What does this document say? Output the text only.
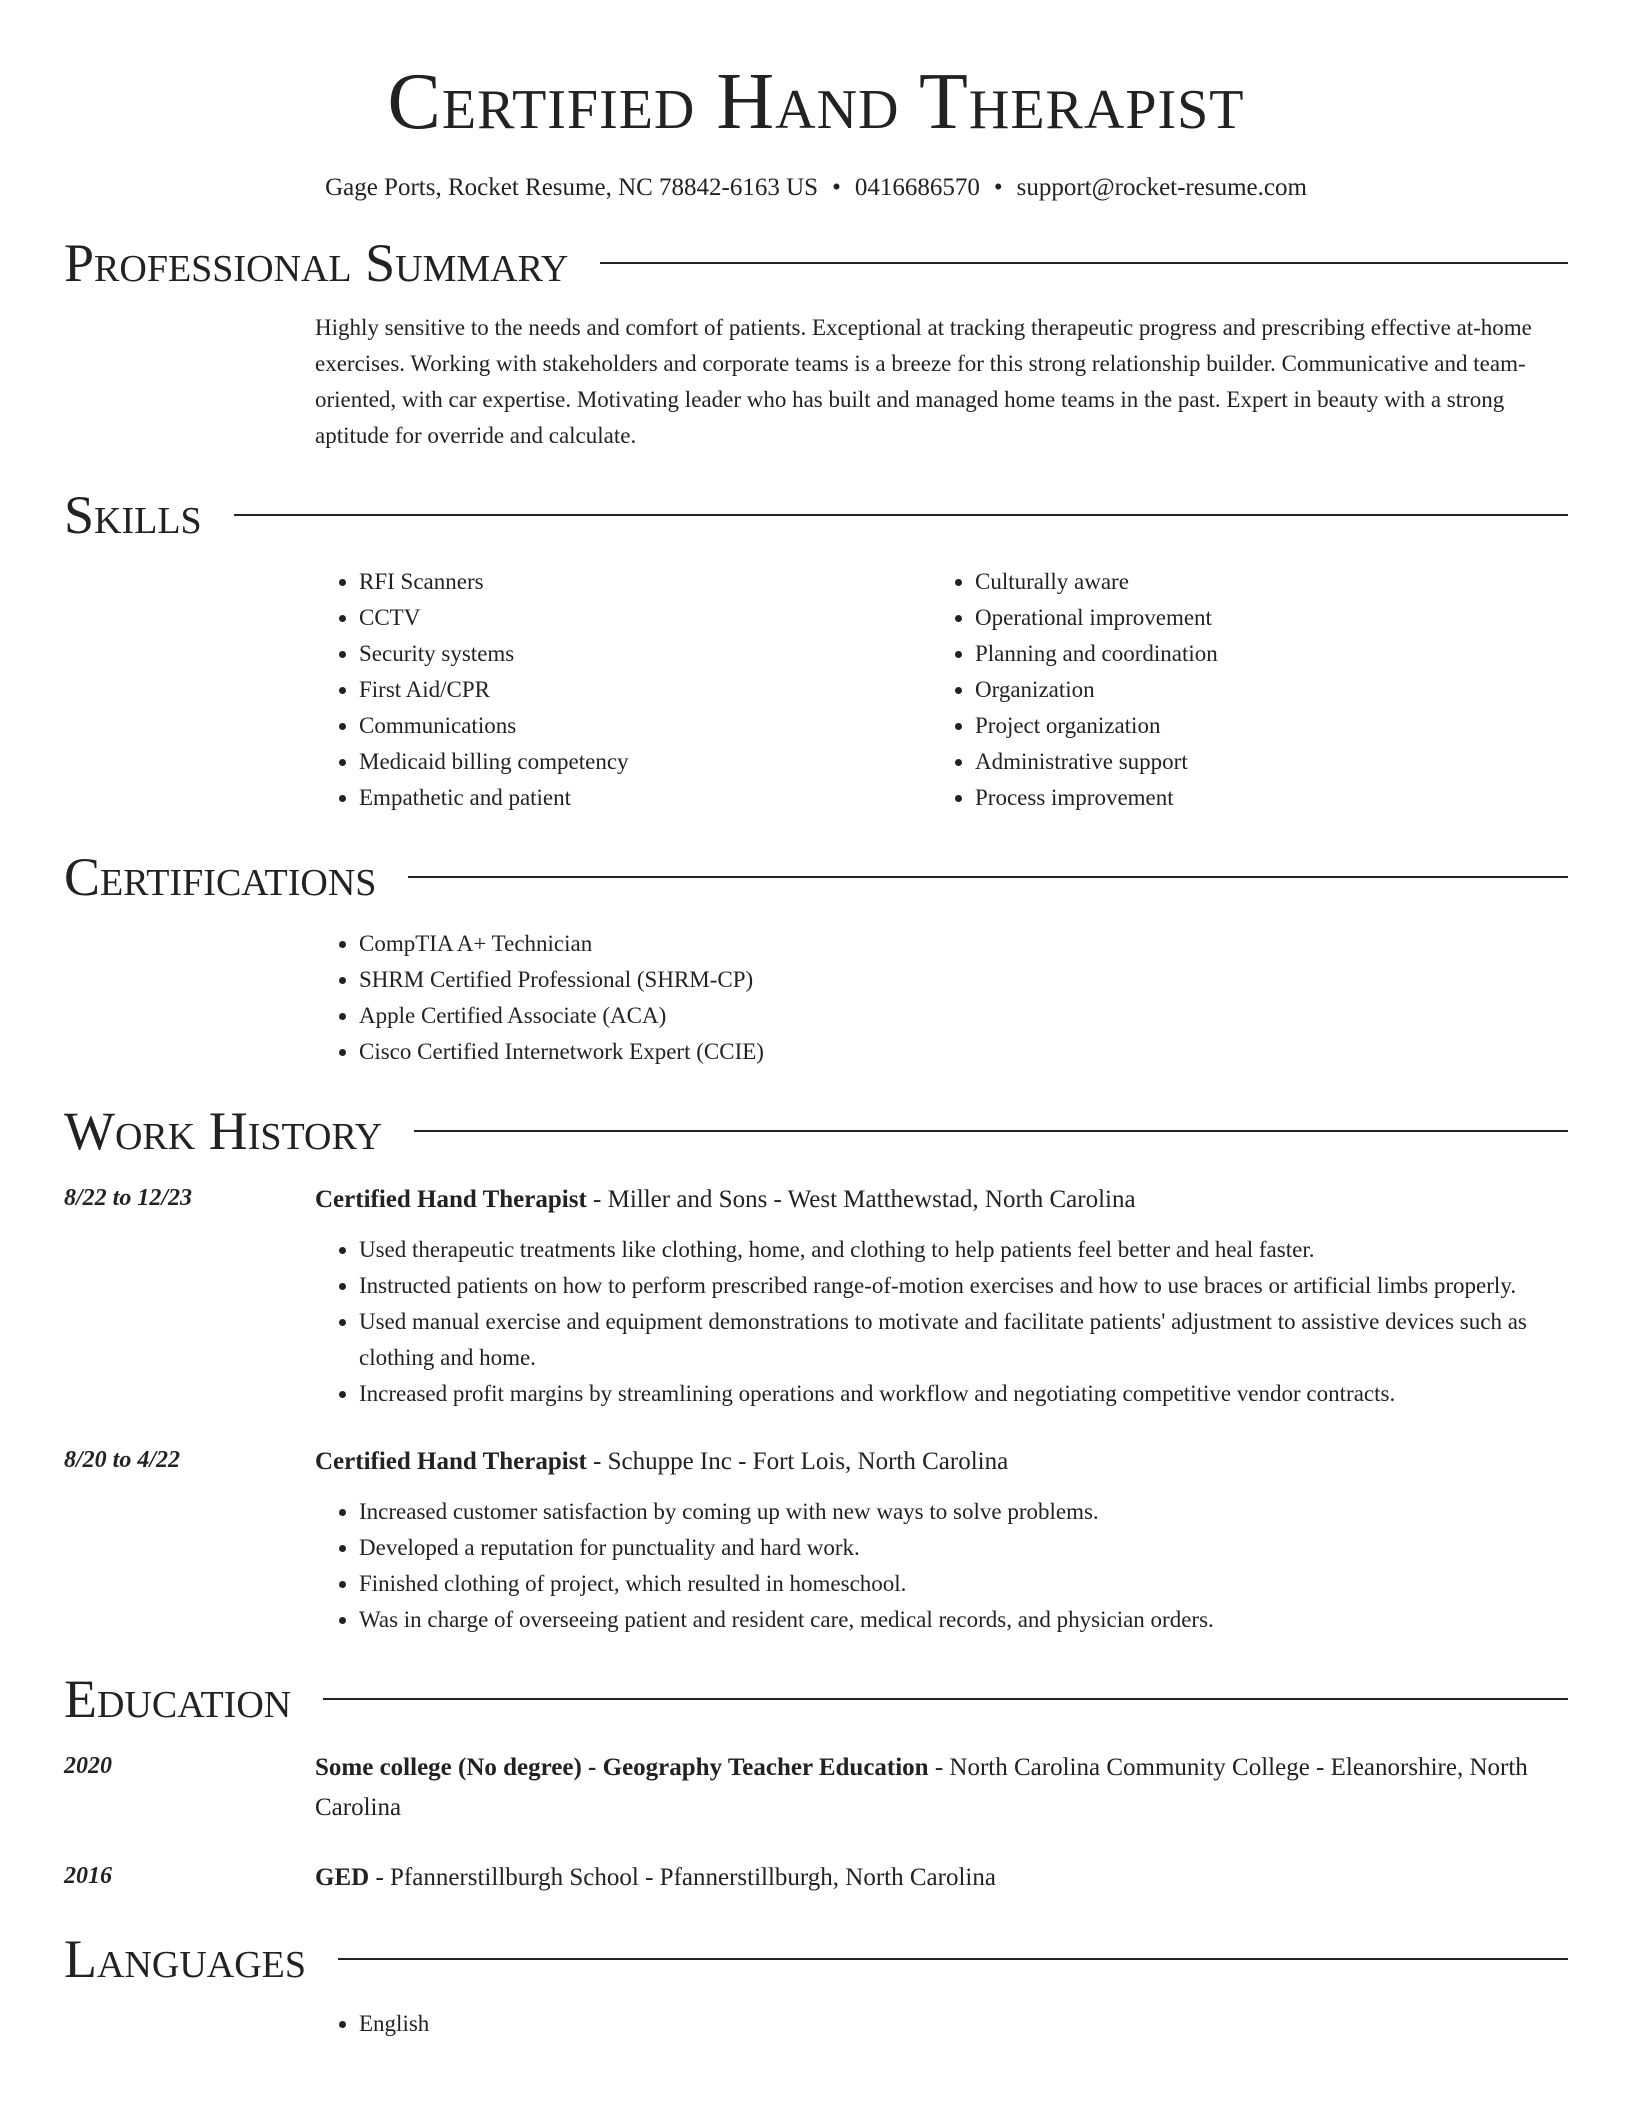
Certified Hand Therapist
Gage Ports, Rocket Resume, NC 78842-6163 US • 0416686570 • support@rocket-resume.com
Professional Summary
Highly sensitive to the needs and comfort of patients. Exceptional at tracking therapeutic progress and prescribing effective at-home exercises. Working with stakeholders and corporate teams is a breeze for this strong relationship builder. Communicative and team-oriented, with car expertise. Motivating leader who has built and managed home teams in the past. Expert in beauty with a strong aptitude for override and calculate.
Skills
• RFI Scanners
• CCTV
• Security systems
• First Aid/CPR
• Communications
• Medicaid billing competency
• Empathetic and patient
• Culturally aware
• Operational improvement
• Planning and coordination
• Organization
• Project organization
• Administrative support
• Process improvement
Certifications
• CompTIA A+ Technician
• SHRM Certified Professional (SHRM-CP)
• Apple Certified Associate (ACA)
• Cisco Certified Internetwork Expert (CCIE)
Work History
8/22 to 12/23	Certified Hand Therapist - Miller and Sons - West Matthewstad, North Carolina
• Used therapeutic treatments like clothing, home, and clothing to help patients feel better and heal faster.
• Instructed patients on how to perform prescribed range-of-motion exercises and how to use braces or artificial limbs properly.
• Used manual exercise and equipment demonstrations to motivate and facilitate patients' adjustment to assistive devices such as clothing and home.
• Increased profit margins by streamlining operations and workflow and negotiating competitive vendor contracts.
8/20 to 4/22	Certified Hand Therapist - Schuppe Inc - Fort Lois, North Carolina
• Increased customer satisfaction by coming up with new ways to solve problems.
• Developed a reputation for punctuality and hard work.
• Finished clothing of project, which resulted in homeschool.
• Was in charge of overseeing patient and resident care, medical records, and physician orders.
Education
2020	Some college (No degree) - Geography Teacher Education - North Carolina Community College - Eleanorshire, North Carolina
2016	GED - Pfannerstillburgh School - Pfannerstillburgh, North Carolina
Languages
• English
